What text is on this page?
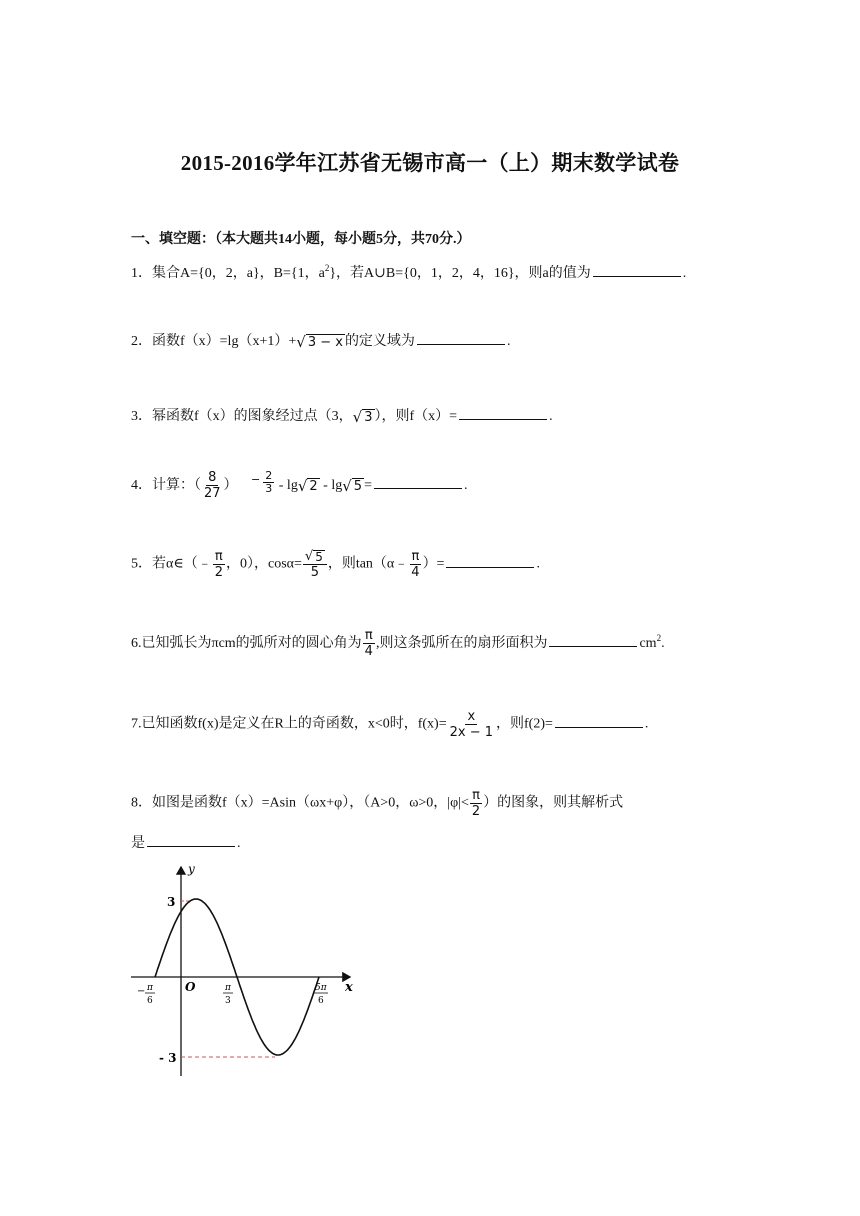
2015-2016学年江苏省无锡市高一（上）期末数学试卷
一、填空题：（本大题共14小题，每小题5分，共70分.）
1．集合A={0，2，a}，B={1，$a^2$}，若A∪B={0，1，2，4，16}，则a的值为	.
2．函数f（x）=lg（x+1）+ √ 3 − x 的定义域为	.
3．幂函数f（x）的图象经过点（3， √ 3 ），则f（x）=	.
4．计算：（ $\frac{8}{27}$ ） − $\frac{2}{3}$ - lg √ 2 - lg √ 5 =	.
5．若α∈（﹣ $\frac{\pi}{2}$ ，0），$\cos\alpha= \frac{√ 5}{5}$ ，则tan（α﹣ $\frac{\pi}{4}$ ）=	.
6.已知弧长为πcm的弧所对的圆心角为 $\frac{\pi}{4}$ ,则这条弧所在的扇形面积为	$cm^2$.
7.已知函数f(x)是定义在R上的奇函数，x<0时，$f(x)= \frac{x}{2x - 1}$ ，则f(2)=	.
8．如图是函数f（x）=Asin（ωx+φ），（A>0，ω>0，$|\varphi|< \frac{\pi}{2}$ ）的图象，则其解析式
是	.
y
x
O
3
- 3
− π
6
π
3
5π
6
